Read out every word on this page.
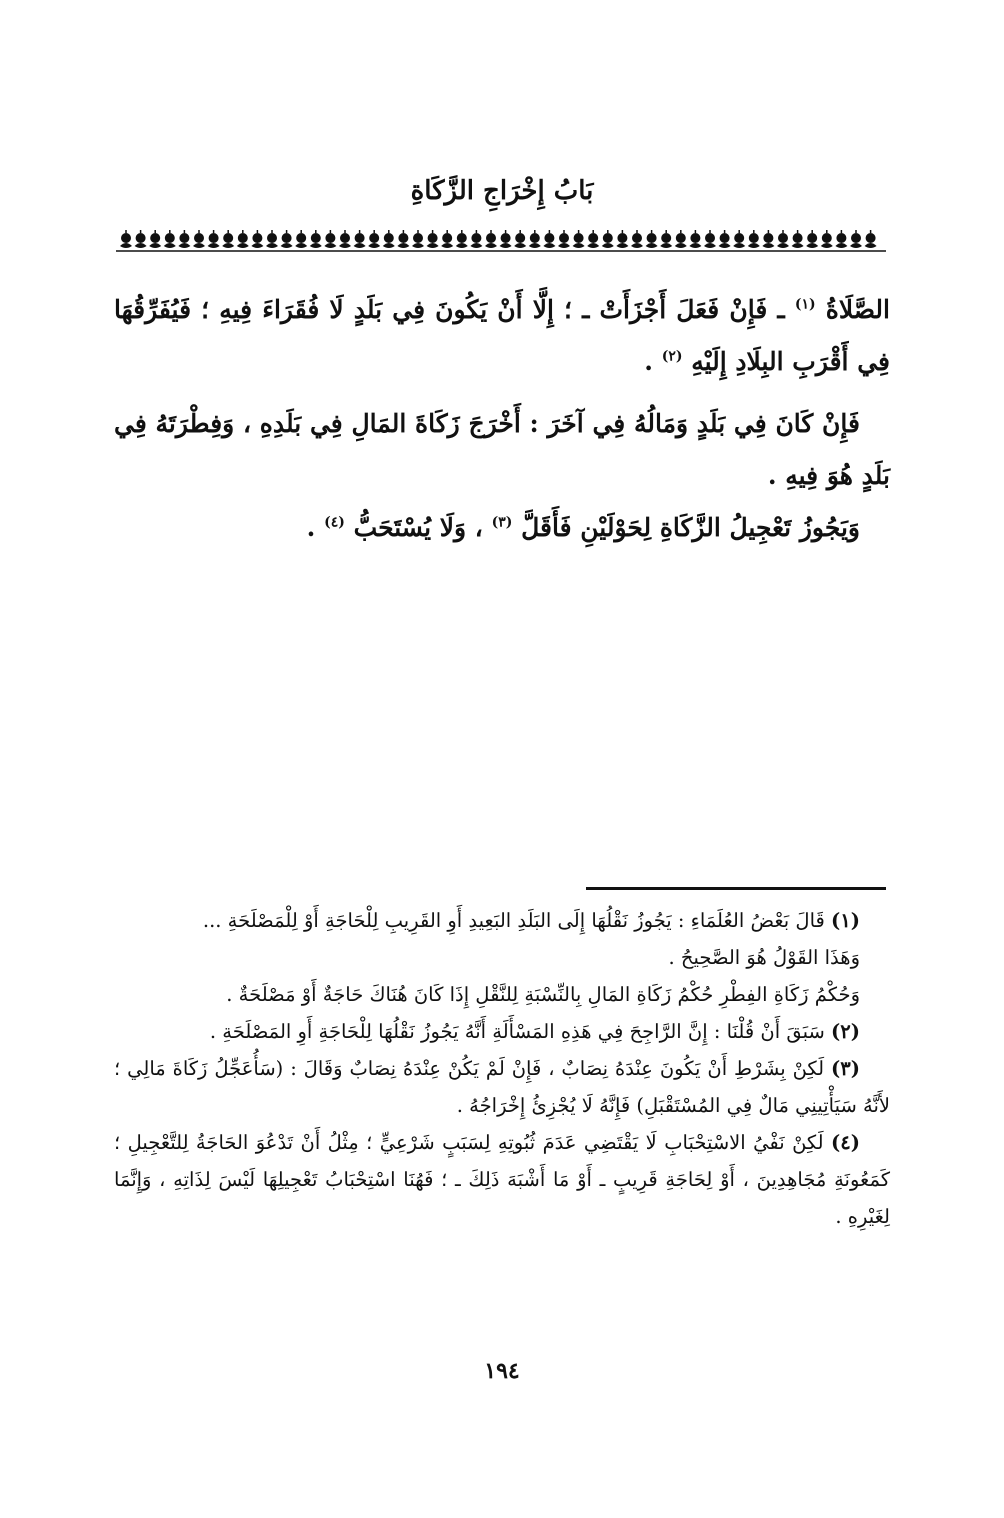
بَابُ إِخْرَاجِ الزَّكَاةِ

الصَّلَاةُ $^{(١)}$ ـ فَإِنْ فَعَلَ أَجْزَأَتْ ـ ؛ إِلَّا أَنْ يَكُونَ فِي بَلَدٍ لَا فُقَرَاءَ فِيهِ ؛ فَيُفَرِّقُهَا فِي أَقْرَبِ البِلَادِ إِلَيْهِ $^{(٢)}$ .

فَإِنْ كَانَ فِي بَلَدٍ وَمَالُهُ فِي آخَرَ : أَخْرَجَ زَكَاةَ المَالِ فِي بَلَدِهِ ، وَفِطْرَتَهُ فِي بَلَدٍ هُوَ فِيهِ .

وَيَجُوزُ تَعْجِيلُ الزَّكَاةِ لِحَوْلَيْنِ فَأَقَلَّ $^{(٣)}$ ، وَلَا يُسْتَحَبُّ $^{(٤)}$ .

(١) قَالَ بَعْضُ العُلَمَاءِ : يَجُوزُ نَقْلُهَا إِلَى البَلَدِ البَعِيدِ أَوِ القَرِيبِ لِلْحَاجَةِ أَوْ لِلْمَصْلَحَةِ ...

وَهَذَا القَوْلُ هُوَ الصَّحِيحُ .

وَحُكْمُ زَكَاةِ الفِطْرِ حُكْمُ زَكَاةِ المَالِ بِالنِّسْبَةِ لِلنَّقْلِ إِذَا كَانَ هُنَاكَ حَاجَةٌ أَوْ مَصْلَحَةٌ .

(٢) سَبَقَ أَنْ قُلْنَا : إِنَّ الرَّاجِحَ فِي هَذِهِ المَسْأَلَةِ أَنَّهُ يَجُوزُ نَقْلُهَا لِلْحَاجَةِ أَوِ المَصْلَحَةِ .

(٣) لَكِنْ بِشَرْطِ أَنْ يَكُونَ عِنْدَهُ نِصَابٌ ، فَإِنْ لَمْ يَكُنْ عِنْدَهُ نِصَابٌ وَقَالَ : (سَأُعَجِّلُ زَكَاةَ مَالِي ؛ لأَنَّهُ سَيَأْتِينِي مَالٌ فِي المُسْتَقْبَلِ) فَإِنَّهُ لَا يُجْزِئُ إِخْرَاجُهُ .

(٤) لَكِنْ نَفْيُ الاسْتِحْبَابِ لَا يَقْتَضِي عَدَمَ ثُبُوتِهِ لِسَبَبٍ شَرْعِيٍّ ؛ مِثْلُ أَنْ تَدْعُوَ الحَاجَةُ لِلتَّعْجِيلِ ؛ كَمَعُونَةِ مُجَاهِدِينَ ، أَوْ لِحَاجَةِ قَرِيبٍ ـ أَوْ مَا أَشْبَهَ ذَلِكَ ـ ؛ فَهُنَا اسْتِحْبَابُ تَعْجِيلِهَا لَيْسَ لِذَاتِهِ ، وَإِنَّمَا لِغَيْرِهِ .

١٩٤
